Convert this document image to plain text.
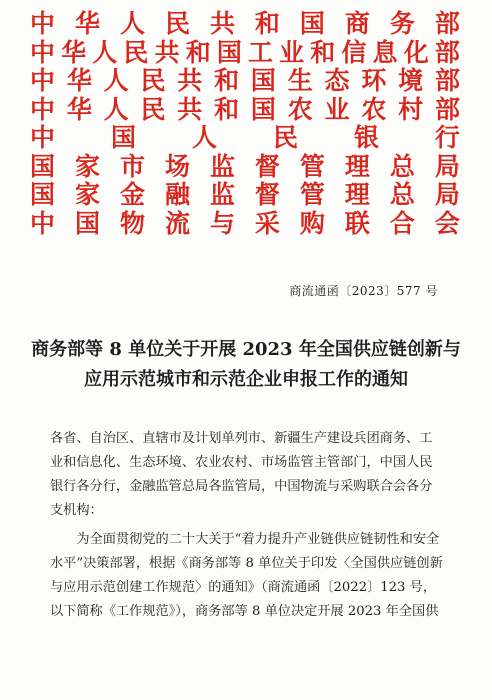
中 华 人 民 共 和 国 商 务 部
中 华 人 民 共 和 国 工 业 和 信 息 化 部
中 华 人 民 共 和 国 生 态 环 境 部
中 华 人 民 共 和 国 农 业 农 村 部
中 国 人 民 银 行
国 家 市 场 监 督 管 理 总 局
国 家 金 融 监 督 管 理 总 局
中 国 物 流 与 采 购 联 合 会
商流通函〔2023〕577 号
商务部等 8 单位关于开展 2023 年全国供应链创新与
应用示范城市和示范企业申报工作的通知

各省、自治区、直辖市及计划单列市、新疆生产建设兵团商务、工业和信息化、生态环境、农业农村、市场监管主管部门，中国人民银行各分行，金融监管总局各监管局，中国物流与采购联合会各分支机构：

为全面贯彻党的二十大关于“着力提升产业链供应链韧性和安全水平”决策部署，根据《商务部等 8 单位关于印发〈全国供应链创新与应用示范创建工作规范〉的通知》（商流通函〔2022〕123 号，以下简称《工作规范》），商务部等 8 单位决定开展 2023 年全国供
